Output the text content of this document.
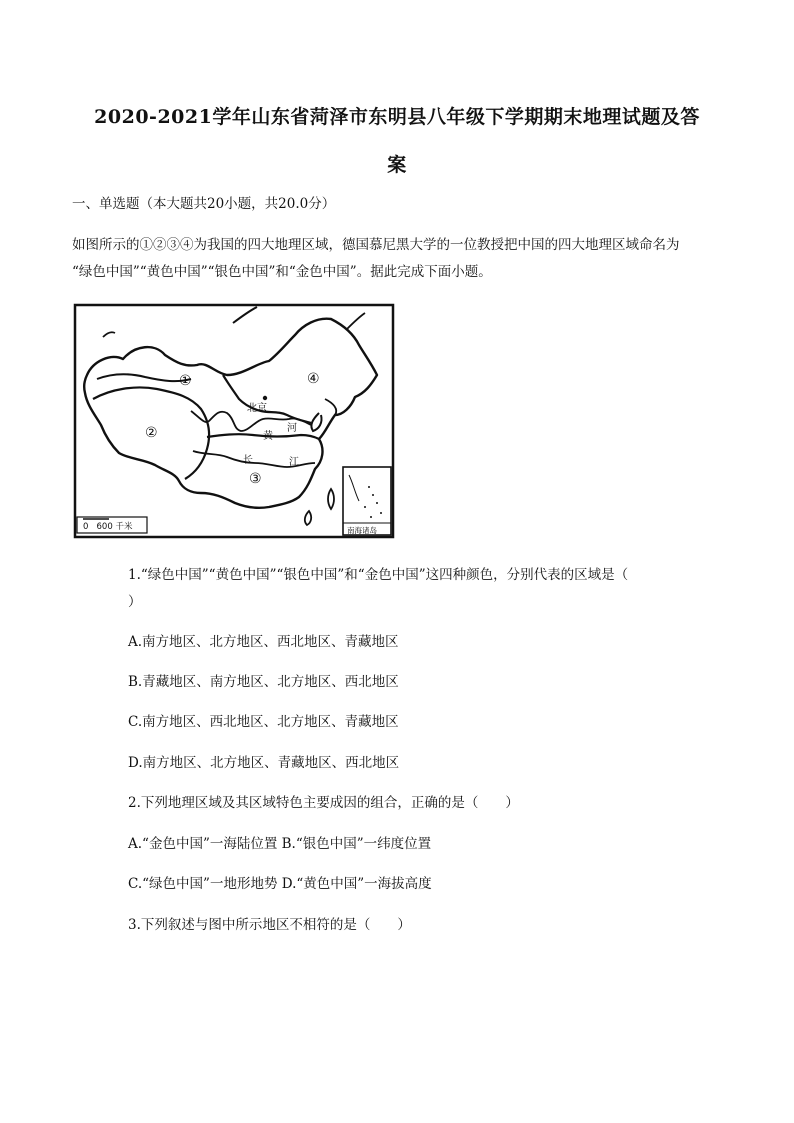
2020-2021学年山东省菏泽市东明县八年级下学期期末地理试题及答
案
一、单选题（本大题共20小题，共20.0分）
如图所示的①②③④为我国的四大地理区域，德国慕尼黑大学的一位教授把中国的四大地理区域命名为
“绿色中国”“黄色中国”“银色中国”和“金色中国”。据此完成下面小题。
①
②
③
④
北京
黄
河
长	江
0   600 千米	南海诸岛
1.“绿色中国”“黄色中国”“银色中国”和“金色中国”这四种颜色，分别代表的区域是（
）
A.南方地区、北方地区、西北地区、青藏地区
B.青藏地区、南方地区、北方地区、西北地区
C.南方地区、西北地区、北方地区、青藏地区
D.南方地区、北方地区、青藏地区、西北地区
2.下列地理区域及其区域特色主要成因的组合，正确的是（　　）
A.“金色中国”一海陆位置 B.“银色中国”一纬度位置
C.“绿色中国”一地形地势 D.“黄色中国”一海拔高度
3.下列叙述与图中所示地区不相符的是（　　）
